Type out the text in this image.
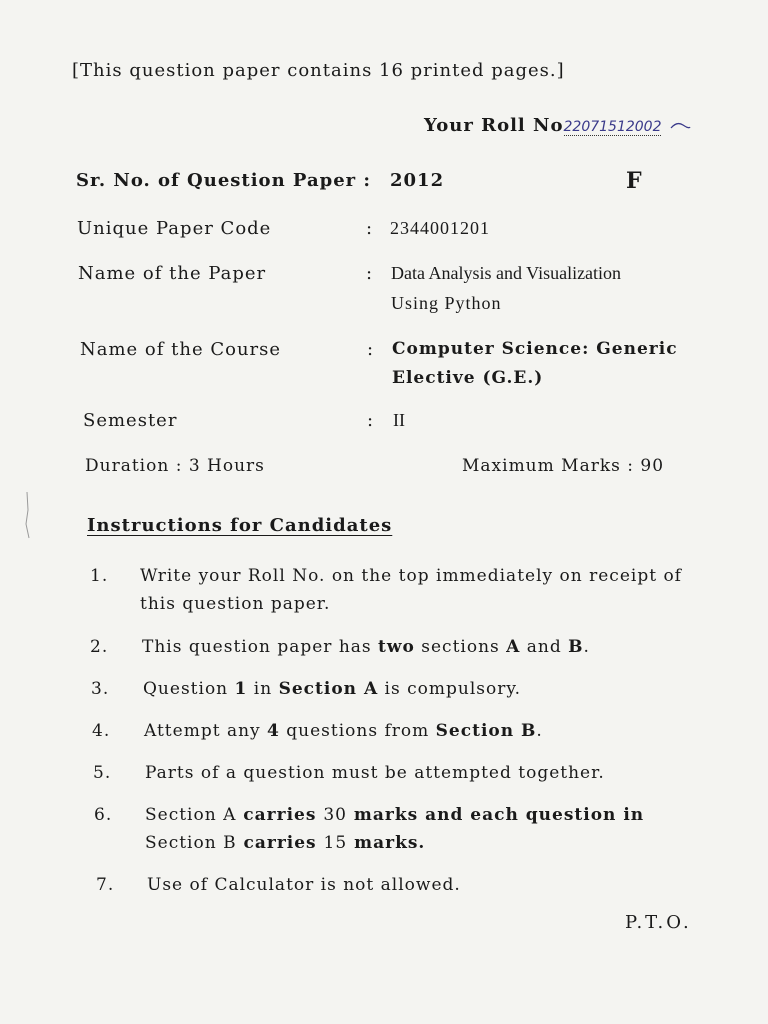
[This question paper contains 16 printed pages.]
Your Roll No22071512002
Sr. No. of Question Paper : 2012	F
Unique Paper Code	: 2344001201
Name of the Paper	: Data Analysis and Visualization
Using Python
Name of the Course	: Computer Science: Generic
Elective (G.E.)
Semester	: II
Duration : 3 Hours	Maximum Marks : 90
Instructions for Candidates
1. Write your Roll No. on the top immediately on receipt of this question paper.
2. This question paper has two sections A and B.
3. Question 1 in Section A is compulsory.
4. Attempt any 4 questions from Section B.
5. Parts of a question must be attempted together.
6. Section A carries 30 marks and each question in Section B carries 15 marks.
7. Use of Calculator is not allowed.
P.T.O.
